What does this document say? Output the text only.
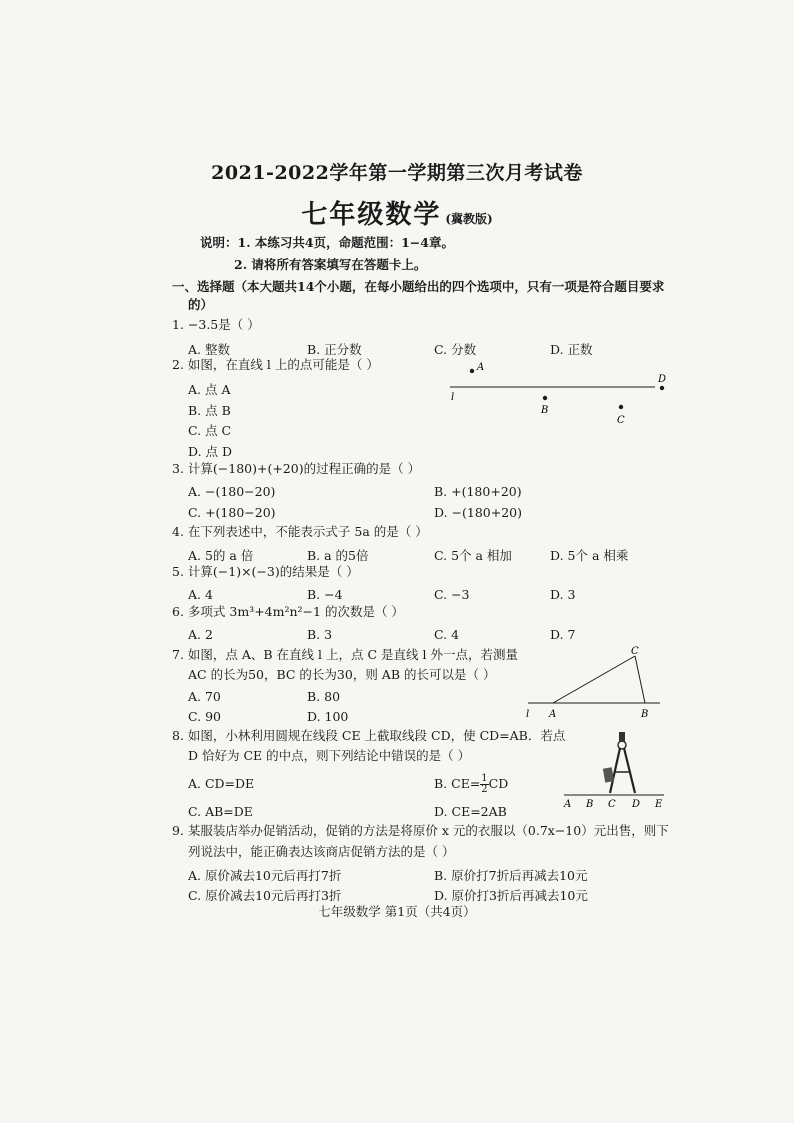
2021-2022学年第一学期第三次月考试卷
七年级数学 (冀教版)
说明：1. 本练习共4页，命题范围：1−4章。
2. 请将所有答案填写在答题卡上。
一、选择题（本大题共14个小题，在每小题给出的四个选项中，只有一项是符合题目要求
的）
1. −3.5是（ ）
A. 整数	B. 正分数	C. 分数	D. 正数
2. 如图，在直线 l 上的点可能是（ ）
A. 点 A
B. 点 B
C. 点 C
D. 点 D
A
l
B
C
D
3. 计算(−180)+(+20)的过程正确的是（ ）
A. −(180−20)	B. +(180+20)
C. +(180−20)	D. −(180+20)
4. 在下列表述中，不能表示式子 5a 的是（ ）
A. 5的 a 倍	B. a 的5倍	C. 5个 a 相加	D. 5个 a 相乘
5. 计算(−1)×(−3)的结果是（ ）
A. 4	B. −4	C. −3	D. 3
6. 多项式 3m³+4m²n²−1 的次数是（ ）
A. 2	B. 3	C. 4	D. 7
7. 如图，点 A、B 在直线 l 上，点 C 是直线 l 外一点，若测量
AC 的长为50，BC 的长为30，则 AB 的长可以是（ ）
A. 70	B. 80
C. 90	D. 100
C
l A	B
8. 如图，小林利用圆规在线段 CE 上截取线段 CD，使 CD=AB．若点
D 恰好为 CE 的中点，则下列结论中错误的是（ ）
A. CD=DE	B. $CE= \frac{1}{2}$ CD
C. AB=DE	D. CE=2AB	A B C D E
9. 某服装店举办促销活动，促销的方法是将原价 x 元的衣服以（0.7x−10）元出售，则下
列说法中，能正确表达该商店促销方法的是（ ）
A. 原价减去10元后再打7折	B. 原价打7折后再减去10元
C. 原价减去10元后再打3折	D. 原价打3折后再减去10元
七年级数学 第1页（共4页）
